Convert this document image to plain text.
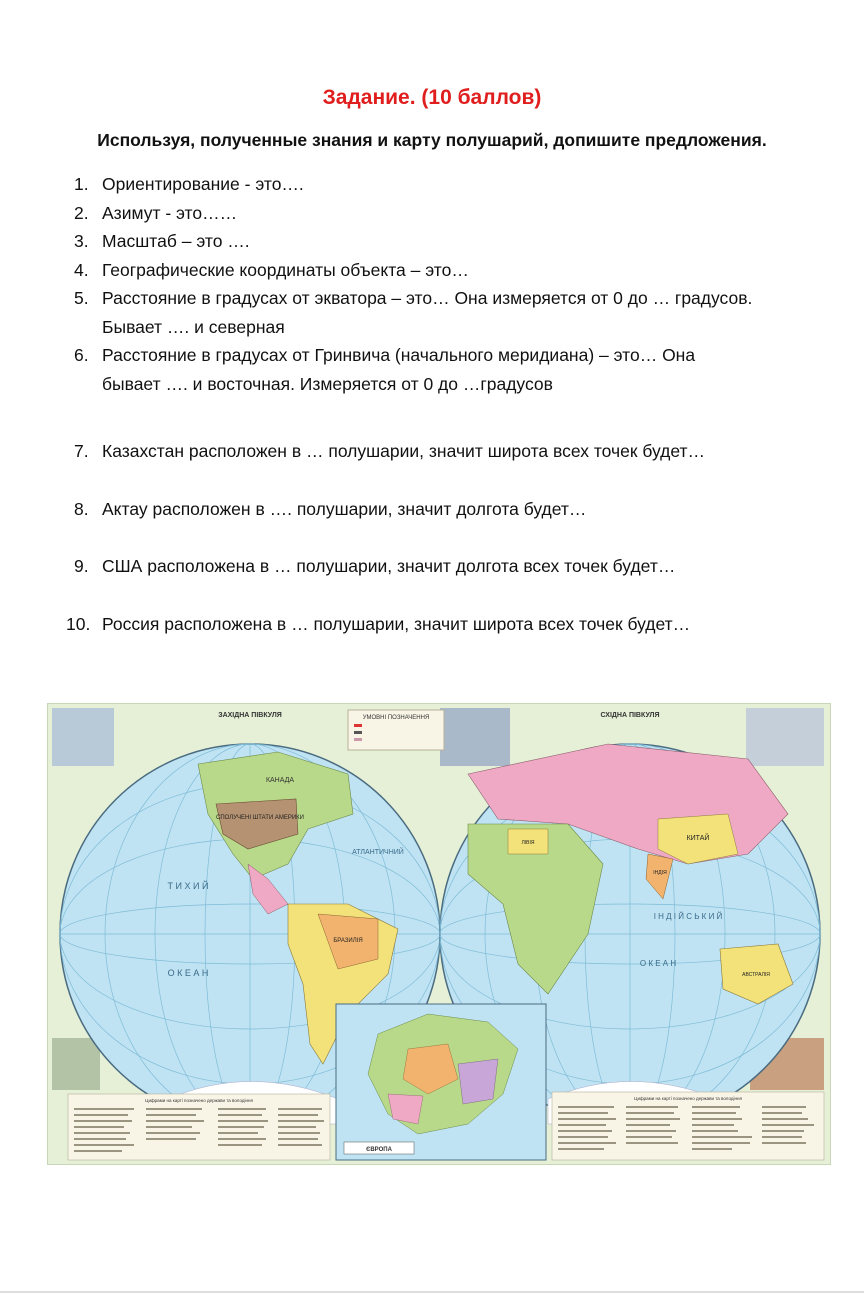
Задание. (10 баллов)
Используя, полученные знания и карту полушарий, допишите предложения.
1. Ориентирование - это….
2. Азимут - это……
3. Масштаб – это ….
4. Географические координаты объекта – это…
5. Расстояние в градусах от экватора – это… Она измеряется от 0 до … градусов.
Бывает …. и северная
6. Расстояние в градусах от Гринвича (начального меридиана) – это… Она
бывает …. и восточная. Измеряется от 0 до …градусов
7. Казахстан расположен в … полушарии, значит широта всех точек будет…
8. Актау расположен в …. полушарии, значит долгота будет…
9. США расположена в … полушарии, значит долгота всех точек будет…
10. Россия расположена в … полушарии, значит широта всех точек будет…
УМОВНІ ПОЗНАЧЕННЯ
ЗАХІДНА ПІВКУЛЯ
СПОЛУЧЕНІ ШТАТИ АМЕРИКИ
КАНАДА
БРАЗИЛІЯ
Т И Х И Й
О К Е А Н
АТЛАНТИЧНИЙ
СХІДНА ПІВКУЛЯ
КИТАЙ
ІНДІЯ
ЛІВІЯ
І Н Д І Й С Ь К И Й
О К Е А Н
АВСТРАЛІЯ
ЄВРОПА
Цифрами на карті позначено держави та володіння	Цифрами на карті позначено держави та володіння
